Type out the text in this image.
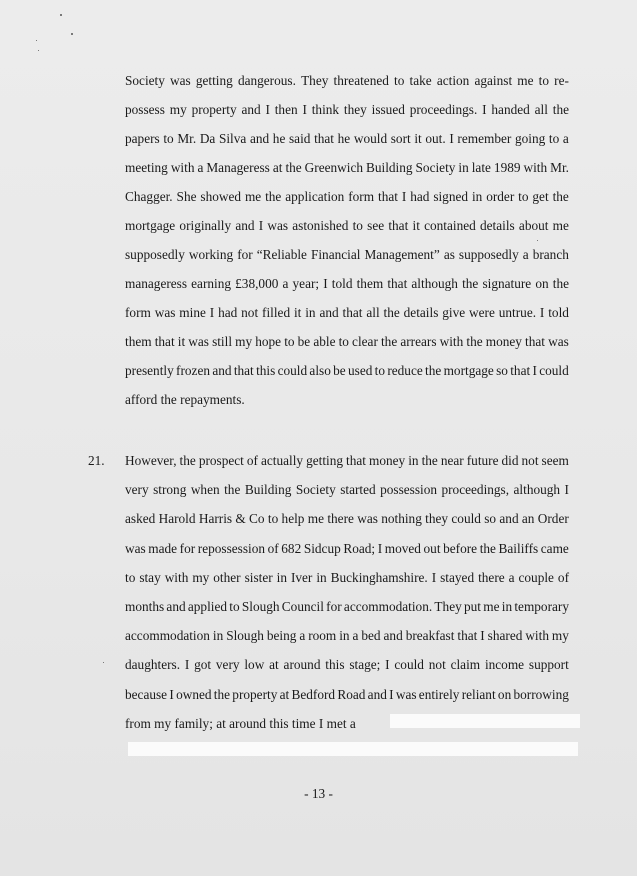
Society was getting dangerous. They threatened to take action against me to re-
possess my property and I then I think they issued proceedings. I handed all the
papers to Mr. Da Silva and he said that he would sort it out. I remember going to a
meeting with a Manageress at the Greenwich Building Society in late 1989 with Mr.
Chagger. She showed me the application form that I had signed in order to get the
mortgage originally and I was astonished to see that it contained details about me
supposedly working for “Reliable Financial Management” as supposedly a branch
manageress earning £38,000 a year; I told them that although the signature on the
form was mine I had not filled it in and that all the details give were untrue. I told
them that it was still my hope to be able to clear the arrears with the money that was
presently frozen and that this could also be used to reduce the mortgage so that I could
afford the repayments.
21. However, the prospect of actually getting that money in the near future did not seem
very strong when the Building Society started possession proceedings, although I
asked Harold Harris & Co to help me there was nothing they could so and an Order
was made for repossession of 682 Sidcup Road; I moved out before the Bailiffs came
to stay with my other sister in Iver in Buckinghamshire. I stayed there a couple of
months and applied to Slough Council for accommodation. They put me in temporary
accommodation in Slough being a room in a bed and breakfast that I shared with my
daughters. I got very low at around this stage; I could not claim income support
because I owned the property at Bedford Road and I was entirely reliant on borrowing
from my family; at around this time I met a
- 13 -
